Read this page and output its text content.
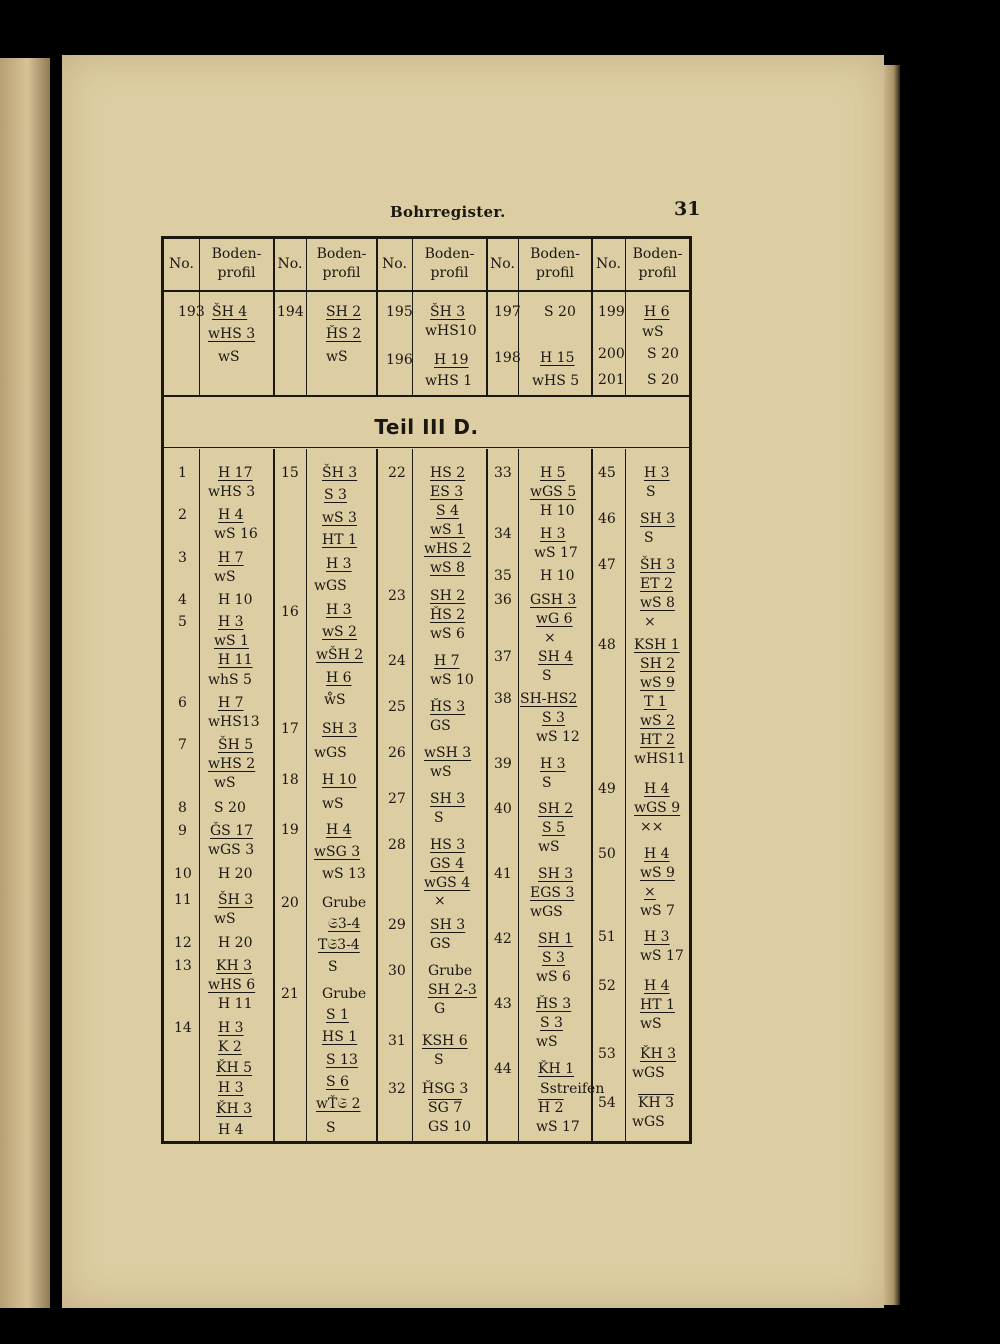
Bohrregister.	31
No.
Boden-
profil
No.
Boden-
profil
No.
Boden-
profil
No.
Boden-
profil
No.
Boden-
profil
Teil III D.
193 ŠH 4
wHS 3
wS
194 SH 2
ȞS 2
wS
195 ŠH 3
wHS10
196 H 19
wHS 1
197 S 20
198 H 15
wHS 5
199 H 6
wS
200 S 20
201 S 20
1 H 17
wHS 3
2 H 4
wS 16
3 H 7
wS
4 H 10
5 H 3
wS 1
H 11
whS 5
6 H 7
wHS13
7 ŠH 5
wHS 2
wS
8 S 20
9 ǦS 17
wGS 3
10 H 20
11 ŠH 3
wS
12 H 20
13 KH 3
wHS 6
H 11
14 H 3
K 2
ǨH 5
H 3
ǨH 3
H 4
15 ŠH 3
S 3
wS 3
HT 1
H 3
wGS
16 H 3
wS 2
wŠH 2
H 6
ẘS
17 SH 3
wGS
18 H 10
wS
19 H 4
wSG 3
wS 13
20 Grube
𝔖3-4
T𝔖3-4
S
21 Grube
S 1
HS 1
S 13
S 6
wŤ𝔖 2
S
22 HS 2
ES 3
S 4
wS 1
wHS 2
wS 8
23 SH 2
ȞS 2
wS 6
24 H 7
wS 10
25 ȞS 3
GS
26 wSH 3
wS
27 SH 3
S
28 HS 3
GS 4
wGS 4
×
29 SH 3
GS
30 Grube
SH 2-3
G
31 KSH 6
S
32 ȞSG 3
SG 7
GS 10
33 H 5
wGS 5
H 10
34 H 3
wS 17
35 H 10
36 GSH 3
wG 6
×
37 SH 4
S
38 SH-HS2
S 3
wS 12
39 H 3
S
40 SH 2
S 5
wS
41 SH 3
EGS 3
wGS
42 SH 1
S 3
wS 6
43 ȞS 3
S 3
wS
44 ǨH 1
Sstreifen
H 2
wS 17
45 H 3
S
46 SH 3
S
47 ŠH 3
ET 2
wS 8
×
48 KSH 1
SH 2
wS 9
T 1
wS 2
HT 2
wHS11
49 H 4
wGS 9
××
50 H 4
wS 9
×
wS 7
51 H 3
wS 17
52 H 4
HT 1
wS
53 ǨH 3
wGS
54 KH 3
wGS
